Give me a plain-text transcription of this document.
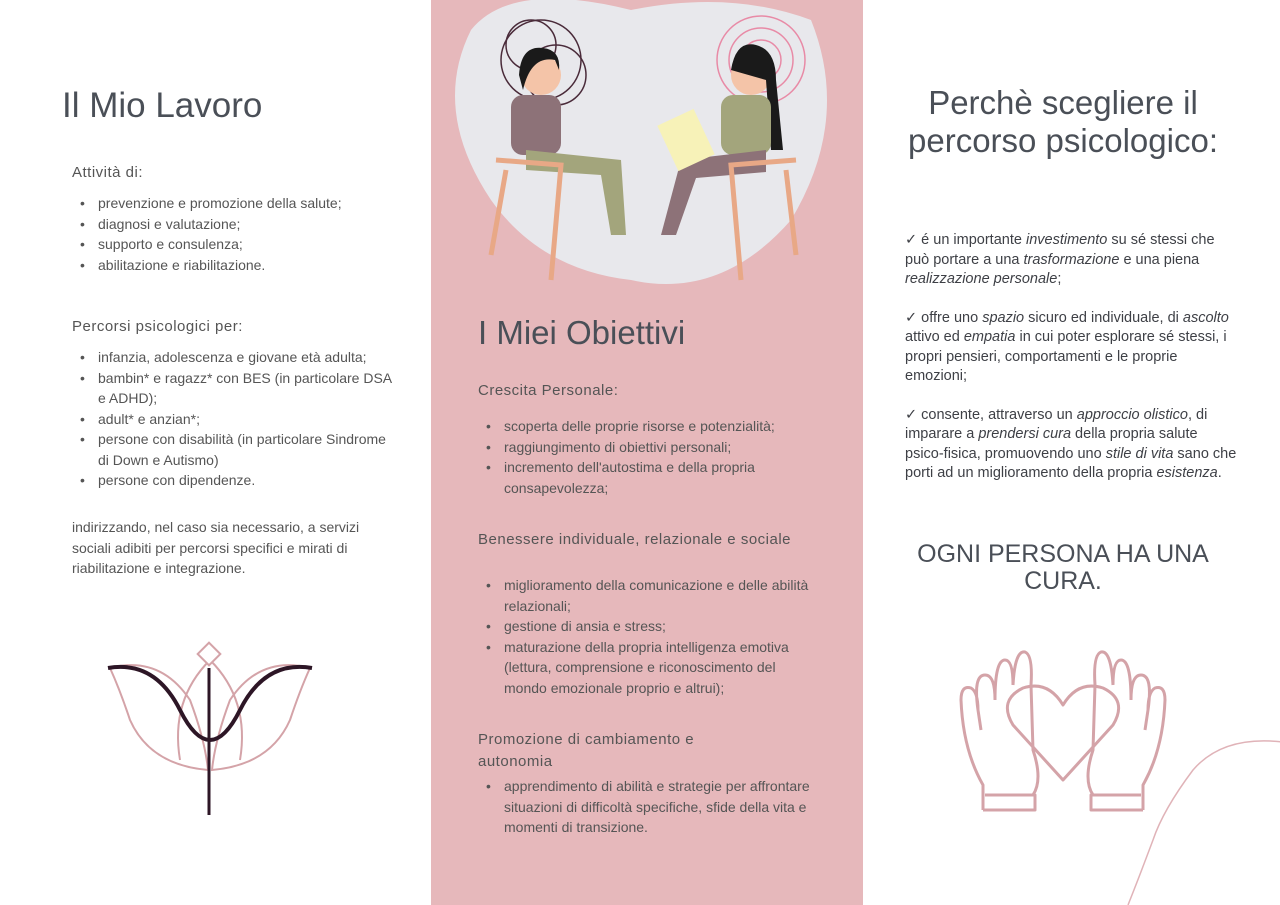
Il Mio Lavoro
Attività di:
• prevenzione e promozione della salute;
• diagnosi e valutazione;
• supporto e consulenza;
• abilitazione e riabilitazione.
Percorsi psicologici per:
• infanzia, adolescenza e giovane età adulta;
• bambin* e ragazz* con BES (in particolare DSA e ADHD);
• adult* e anzian*;
• persone con disabilità (in particolare Sindrome di Down e Autismo)
• persone con dipendenze.

indirizzando, nel caso sia necessario, a servizi sociali adibiti per percorsi specifici e mirati di riabilitazione e integrazione.

I Miei Obiettivi
Crescita Personale:
• scoperta delle proprie risorse e potenzialità;
• raggiungimento di obiettivi personali;
• incremento dell'autostima e della propria consapevolezza;
Benessere individuale, relazionale e sociale
• miglioramento della comunicazione e delle abilità relazionali;
• gestione di ansia e stress;
• maturazione della propria intelligenza emotiva (lettura, comprensione e riconoscimento del mondo emozionale proprio e altrui);
Promozione di cambiamento e autonomia
• apprendimento di abilità e strategie per affrontare situazioni di difficoltà specifiche, sfide della vita e momenti di transizione.
Perchè scegliere il percorso psicologico:

✓ é un importante investimento su sé stessi che può portare a una trasformazione e una piena realizzazione personale;

✓ offre uno spazio sicuro ed individuale, di ascolto attivo ed empatia in cui poter esplorare sé stessi, i propri pensieri, comportamenti e le proprie emozioni;

✓ consente, attraverso un approccio olistico, di imparare a prendersi cura della propria salute psico-fisica, promuovendo uno stile di vita sano che porti ad un miglioramento della propria esistenza.

OGNI PERSONA HA UNA CURA.
